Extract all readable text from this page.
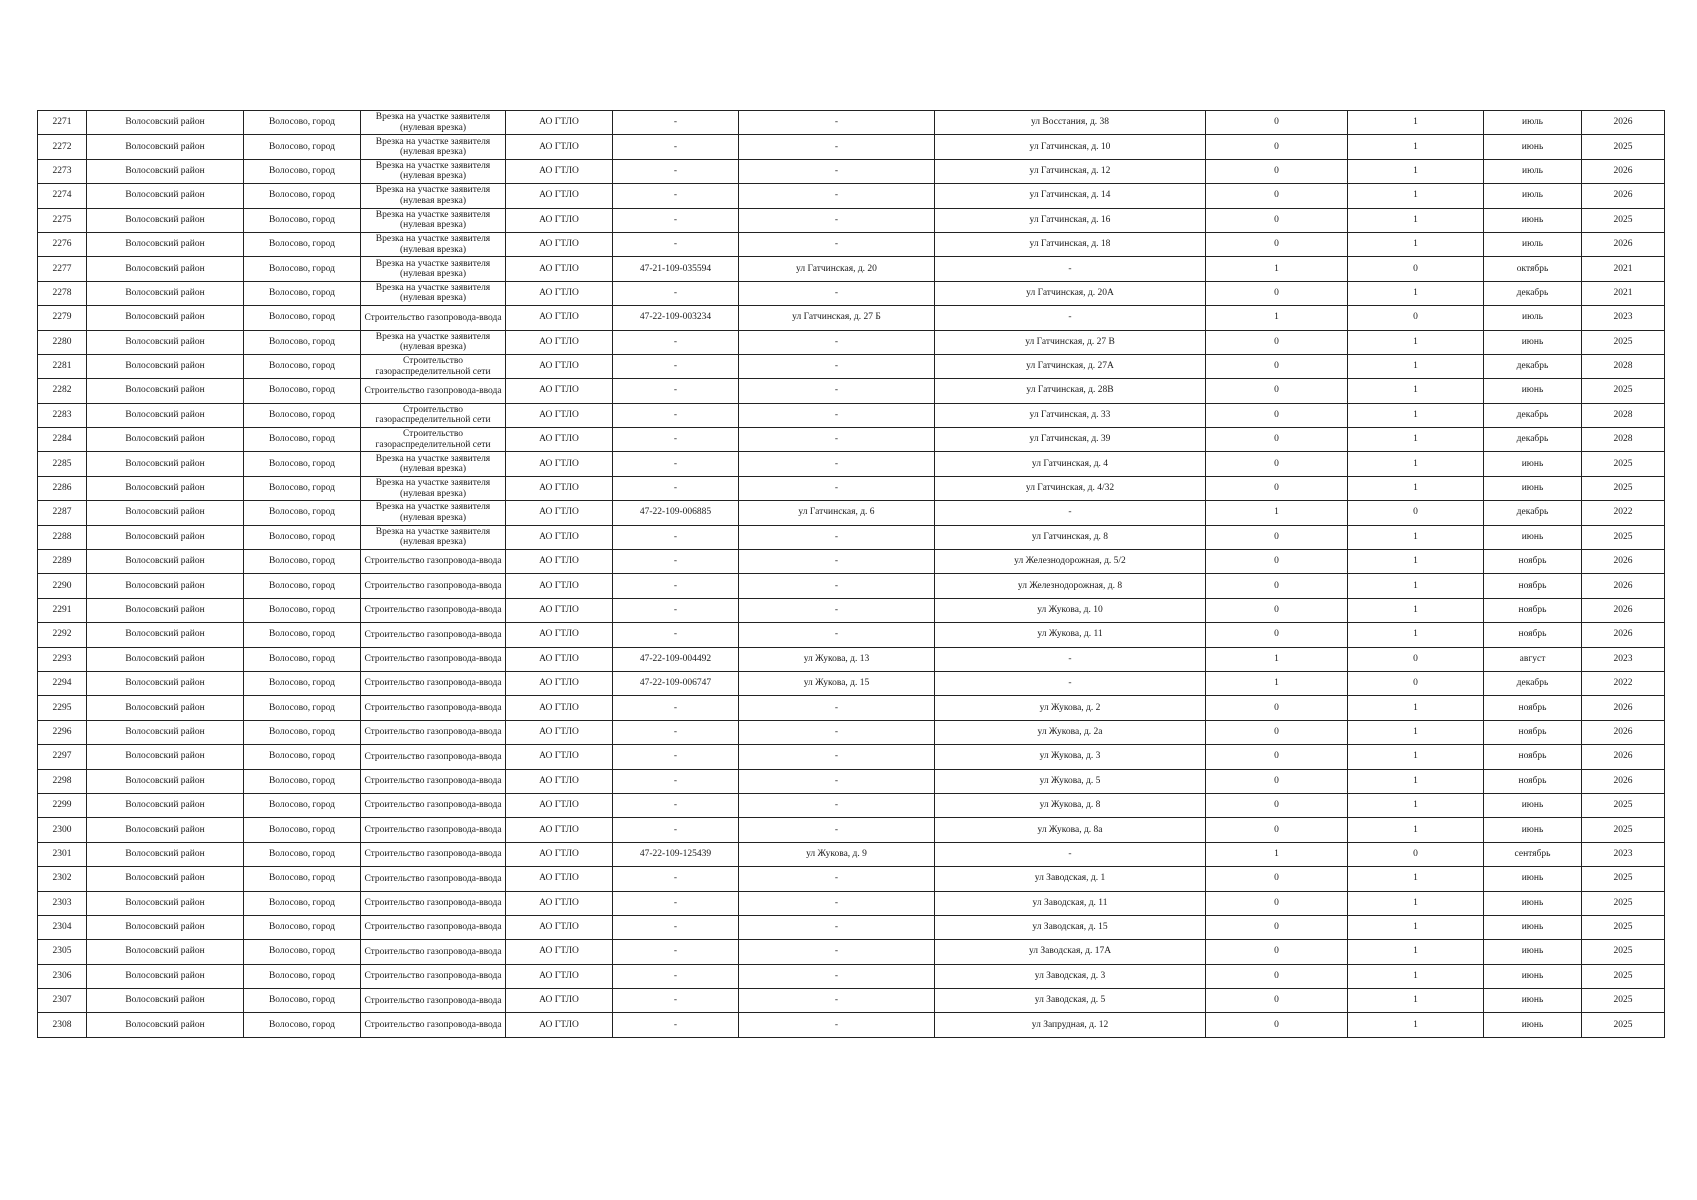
2271	Волосовский район	Волосово, город	Врезка на участке заявителя (нулевая врезка)	АО ГТЛО	-	-	ул Восстания, д. 38	0	1	июль	2026
2272	Волосовский район	Волосово, город	Врезка на участке заявителя (нулевая врезка)	АО ГТЛО	-	-	ул Гатчинская, д. 10	0	1	июнь	2025
2273	Волосовский район	Волосово, город	Врезка на участке заявителя (нулевая врезка)	АО ГТЛО	-	-	ул Гатчинская, д. 12	0	1	июль	2026
2274	Волосовский район	Волосово, город	Врезка на участке заявителя (нулевая врезка)	АО ГТЛО	-	-	ул Гатчинская, д. 14	0	1	июль	2026
2275	Волосовский район	Волосово, город	Врезка на участке заявителя (нулевая врезка)	АО ГТЛО	-	-	ул Гатчинская, д. 16	0	1	июнь	2025
2276	Волосовский район	Волосово, город	Врезка на участке заявителя (нулевая врезка)	АО ГТЛО	-	-	ул Гатчинская, д. 18	0	1	июль	2026
2277	Волосовский район	Волосово, город	Врезка на участке заявителя (нулевая врезка)	АО ГТЛО	47-21-109-035594	ул Гатчинская, д. 20	-	1	0	октябрь	2021
2278	Волосовский район	Волосово, город	Врезка на участке заявителя (нулевая врезка)	АО ГТЛО	-	-	ул Гатчинская, д. 20А	0	1	декабрь	2021
2279	Волосовский район	Волосово, город	Строительство газопровода-ввода	АО ГТЛО	47-22-109-003234	ул Гатчинская, д. 27 Б	-	1	0	июль	2023
2280	Волосовский район	Волосово, город	Врезка на участке заявителя (нулевая врезка)	АО ГТЛО	-	-	ул Гатчинская, д. 27 В	0	1	июнь	2025
2281	Волосовский район	Волосово, город	Строительство газораспределительной сети	АО ГТЛО	-	-	ул Гатчинская, д. 27А	0	1	декабрь	2028
2282	Волосовский район	Волосово, город	Строительство газопровода-ввода	АО ГТЛО	-	-	ул Гатчинская, д. 28В	0	1	июнь	2025
2283	Волосовский район	Волосово, город	Строительство газораспределительной сети	АО ГТЛО	-	-	ул Гатчинская, д. 33	0	1	декабрь	2028
2284	Волосовский район	Волосово, город	Строительство газораспределительной сети	АО ГТЛО	-	-	ул Гатчинская, д. 39	0	1	декабрь	2028
2285	Волосовский район	Волосово, город	Врезка на участке заявителя (нулевая врезка)	АО ГТЛО	-	-	ул Гатчинская, д. 4	0	1	июнь	2025
2286	Волосовский район	Волосово, город	Врезка на участке заявителя (нулевая врезка)	АО ГТЛО	-	-	ул Гатчинская, д. 4/32	0	1	июнь	2025
2287	Волосовский район	Волосово, город	Врезка на участке заявителя (нулевая врезка)	АО ГТЛО	47-22-109-006885	ул Гатчинская, д. 6	-	1	0	декабрь	2022
2288	Волосовский район	Волосово, город	Врезка на участке заявителя (нулевая врезка)	АО ГТЛО	-	-	ул Гатчинская, д. 8	0	1	июнь	2025
2289	Волосовский район	Волосово, город	Строительство газопровода-ввода	АО ГТЛО	-	-	ул Железнодорожная, д. 5/2	0	1	ноябрь	2026
2290	Волосовский район	Волосово, город	Строительство газопровода-ввода	АО ГТЛО	-	-	ул Железнодорожная, д. 8	0	1	ноябрь	2026
2291	Волосовский район	Волосово, город	Строительство газопровода-ввода	АО ГТЛО	-	-	ул Жукова, д. 10	0	1	ноябрь	2026
2292	Волосовский район	Волосово, город	Строительство газопровода-ввода	АО ГТЛО	-	-	ул Жукова, д. 11	0	1	ноябрь	2026
2293	Волосовский район	Волосово, город	Строительство газопровода-ввода	АО ГТЛО	47-22-109-004492	ул Жукова, д. 13	-	1	0	август	2023
2294	Волосовский район	Волосово, город	Строительство газопровода-ввода	АО ГТЛО	47-22-109-006747	ул Жукова, д. 15	-	1	0	декабрь	2022
2295	Волосовский район	Волосово, город	Строительство газопровода-ввода	АО ГТЛО	-	-	ул Жукова, д. 2	0	1	ноябрь	2026
2296	Волосовский район	Волосово, город	Строительство газопровода-ввода	АО ГТЛО	-	-	ул Жукова, д. 2а	0	1	ноябрь	2026
2297	Волосовский район	Волосово, город	Строительство газопровода-ввода	АО ГТЛО	-	-	ул Жукова, д. 3	0	1	ноябрь	2026
2298	Волосовский район	Волосово, город	Строительство газопровода-ввода	АО ГТЛО	-	-	ул Жукова, д. 5	0	1	ноябрь	2026
2299	Волосовский район	Волосово, город	Строительство газопровода-ввода	АО ГТЛО	-	-	ул Жукова, д. 8	0	1	июнь	2025
2300	Волосовский район	Волосово, город	Строительство газопровода-ввода	АО ГТЛО	-	-	ул Жукова, д. 8а	0	1	июнь	2025
2301	Волосовский район	Волосово, город	Строительство газопровода-ввода	АО ГТЛО	47-22-109-125439	ул Жукова, д. 9	-	1	0	сентябрь	2023
2302	Волосовский район	Волосово, город	Строительство газопровода-ввода	АО ГТЛО	-	-	ул Заводская, д. 1	0	1	июнь	2025
2303	Волосовский район	Волосово, город	Строительство газопровода-ввода	АО ГТЛО	-	-	ул Заводская, д. 11	0	1	июнь	2025
2304	Волосовский район	Волосово, город	Строительство газопровода-ввода	АО ГТЛО	-	-	ул Заводская, д. 15	0	1	июнь	2025
2305	Волосовский район	Волосово, город	Строительство газопровода-ввода	АО ГТЛО	-	-	ул Заводская, д. 17А	0	1	июнь	2025
2306	Волосовский район	Волосово, город	Строительство газопровода-ввода	АО ГТЛО	-	-	ул Заводская, д. 3	0	1	июнь	2025
2307	Волосовский район	Волосово, город	Строительство газопровода-ввода	АО ГТЛО	-	-	ул Заводская, д. 5	0	1	июнь	2025
2308	Волосовский район	Волосово, город	Строительство газопровода-ввода	АО ГТЛО	-	-	ул Запрудная, д. 12	0	1	июнь	2025
